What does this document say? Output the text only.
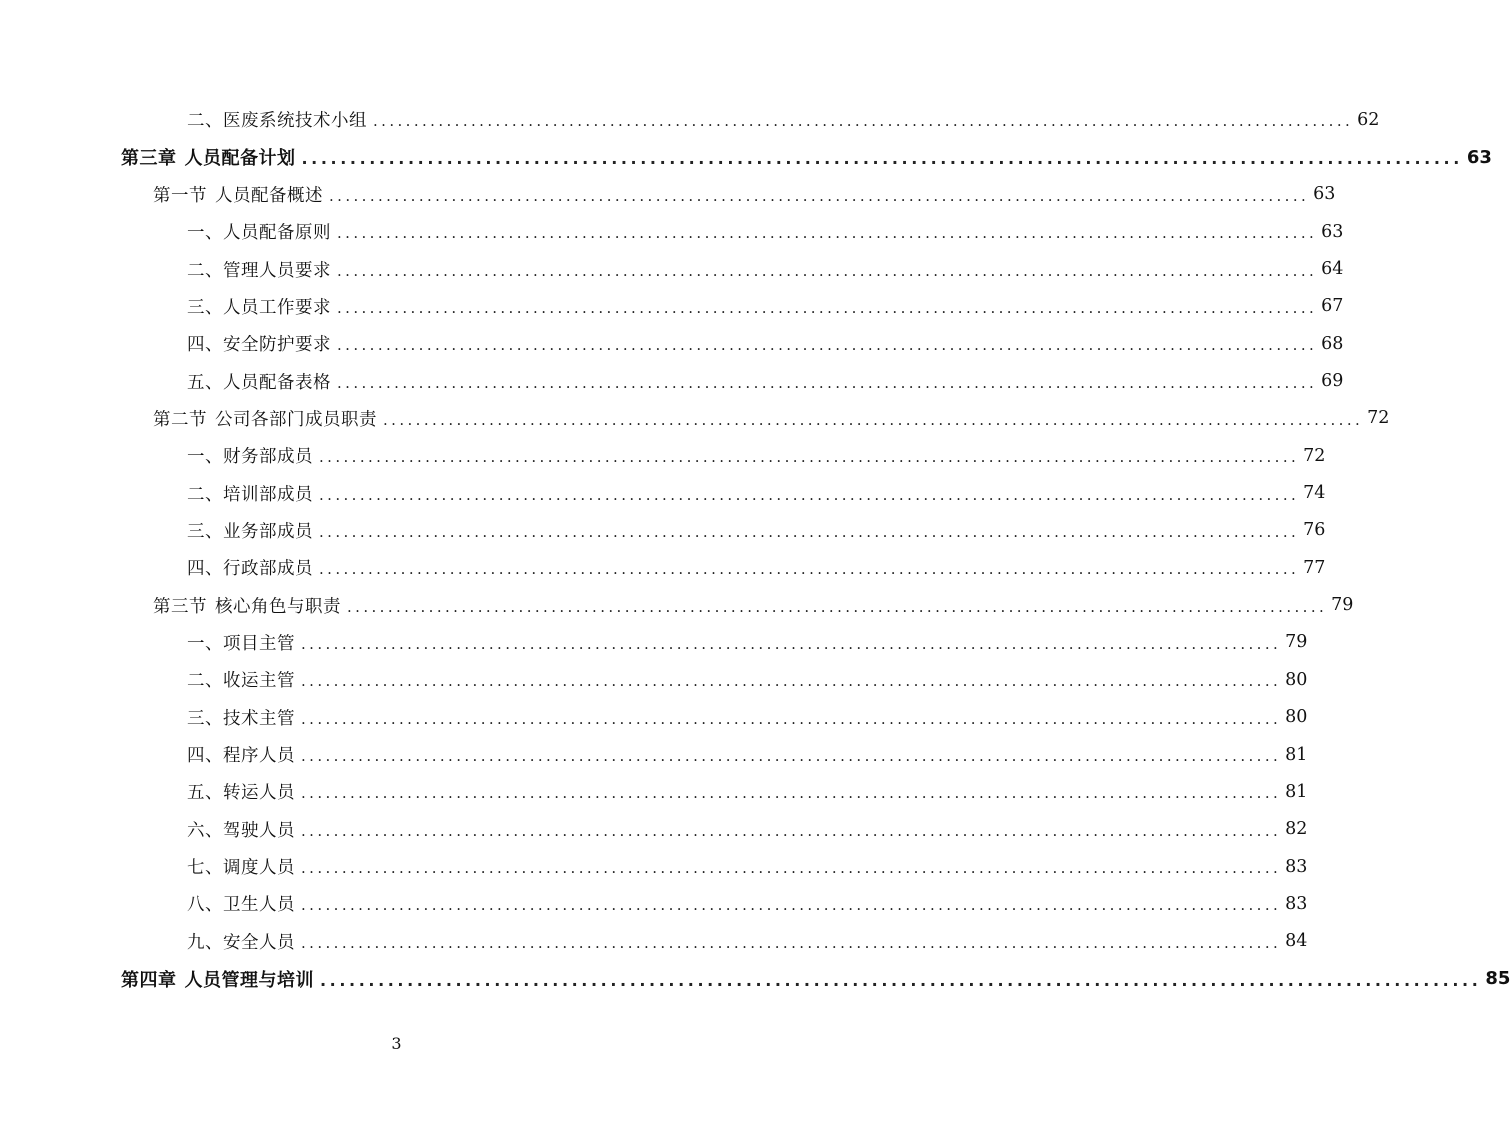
二、医废系统技术小组 ........................................................................................................................ 62
第三章 人员配备计划 ........................................................................................................................ 63
第一节 人员配备概述 ........................................................................................................................ 63
一、人员配备原则 ........................................................................................................................ 63
二、管理人员要求 ........................................................................................................................ 64
三、人员工作要求 ........................................................................................................................ 67
四、安全防护要求 ........................................................................................................................ 68
五、人员配备表格 ........................................................................................................................ 69
第二节 公司各部门成员职责 ........................................................................................................................ 72
一、财务部成员 ........................................................................................................................ 72
二、培训部成员 ........................................................................................................................ 74
三、业务部成员 ........................................................................................................................ 76
四、行政部成员 ........................................................................................................................ 77
第三节 核心角色与职责 ........................................................................................................................ 79
一、项目主管 ........................................................................................................................ 79
二、收运主管 ........................................................................................................................ 80
三、技术主管 ........................................................................................................................ 80
四、程序人员 ........................................................................................................................ 81
五、转运人员 ........................................................................................................................ 81
六、驾驶人员 ........................................................................................................................ 82
七、调度人员 ........................................................................................................................ 83
八、卫生人员 ........................................................................................................................ 83
九、安全人员 ........................................................................................................................ 84
第四章 人员管理与培训 ........................................................................................................................ 85
3
